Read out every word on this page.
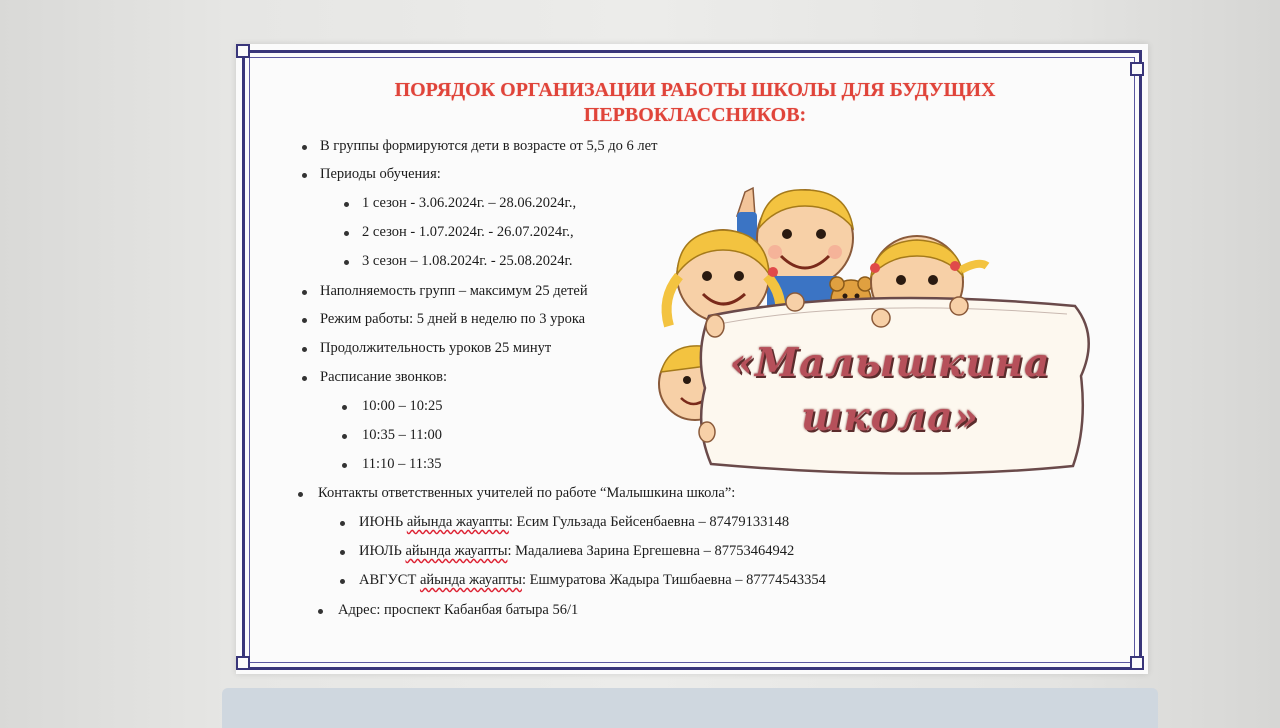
ПОРЯДОК ОРГАНИЗАЦИИ РАБОТЫ ШКОЛЫ ДЛЯ БУДУЩИХ
ПЕРВОКЛАССНИКОВ:
В группы формируются дети в возрасте от 5,5 до 6 лет
Периоды обучения:
1 сезон - 3.06.2024г. – 28.06.2024г.,
2 сезон - 1.07.2024г. - 26.07.2024г.,
3 сезон – 1.08.2024г. - 25.08.2024г.
Наполняемость групп – максимум 25 детей
Режим работы: 5 дней в неделю по 3 урока
Продолжительность уроков 25 минут
Расписание звонков:
10:00 – 10:25
10:35 – 11:00
11:10 – 11:35
Контакты ответственных учителей по работе “Малышкина школа”:
ИЮНЬ айында жауапты: Есим Гульзада Бейсенбаевна – 87479133148
ИЮЛЬ айында жауапты: Мадалиева Зарина Ергешевна – 87753464942
АВГУСТ айында жауапты: Ешмуратова Жадыра Тишбаевна – 87774543354
Адрес: проспект Кабанбая батыра 56/1
«Малышкина
школа»
